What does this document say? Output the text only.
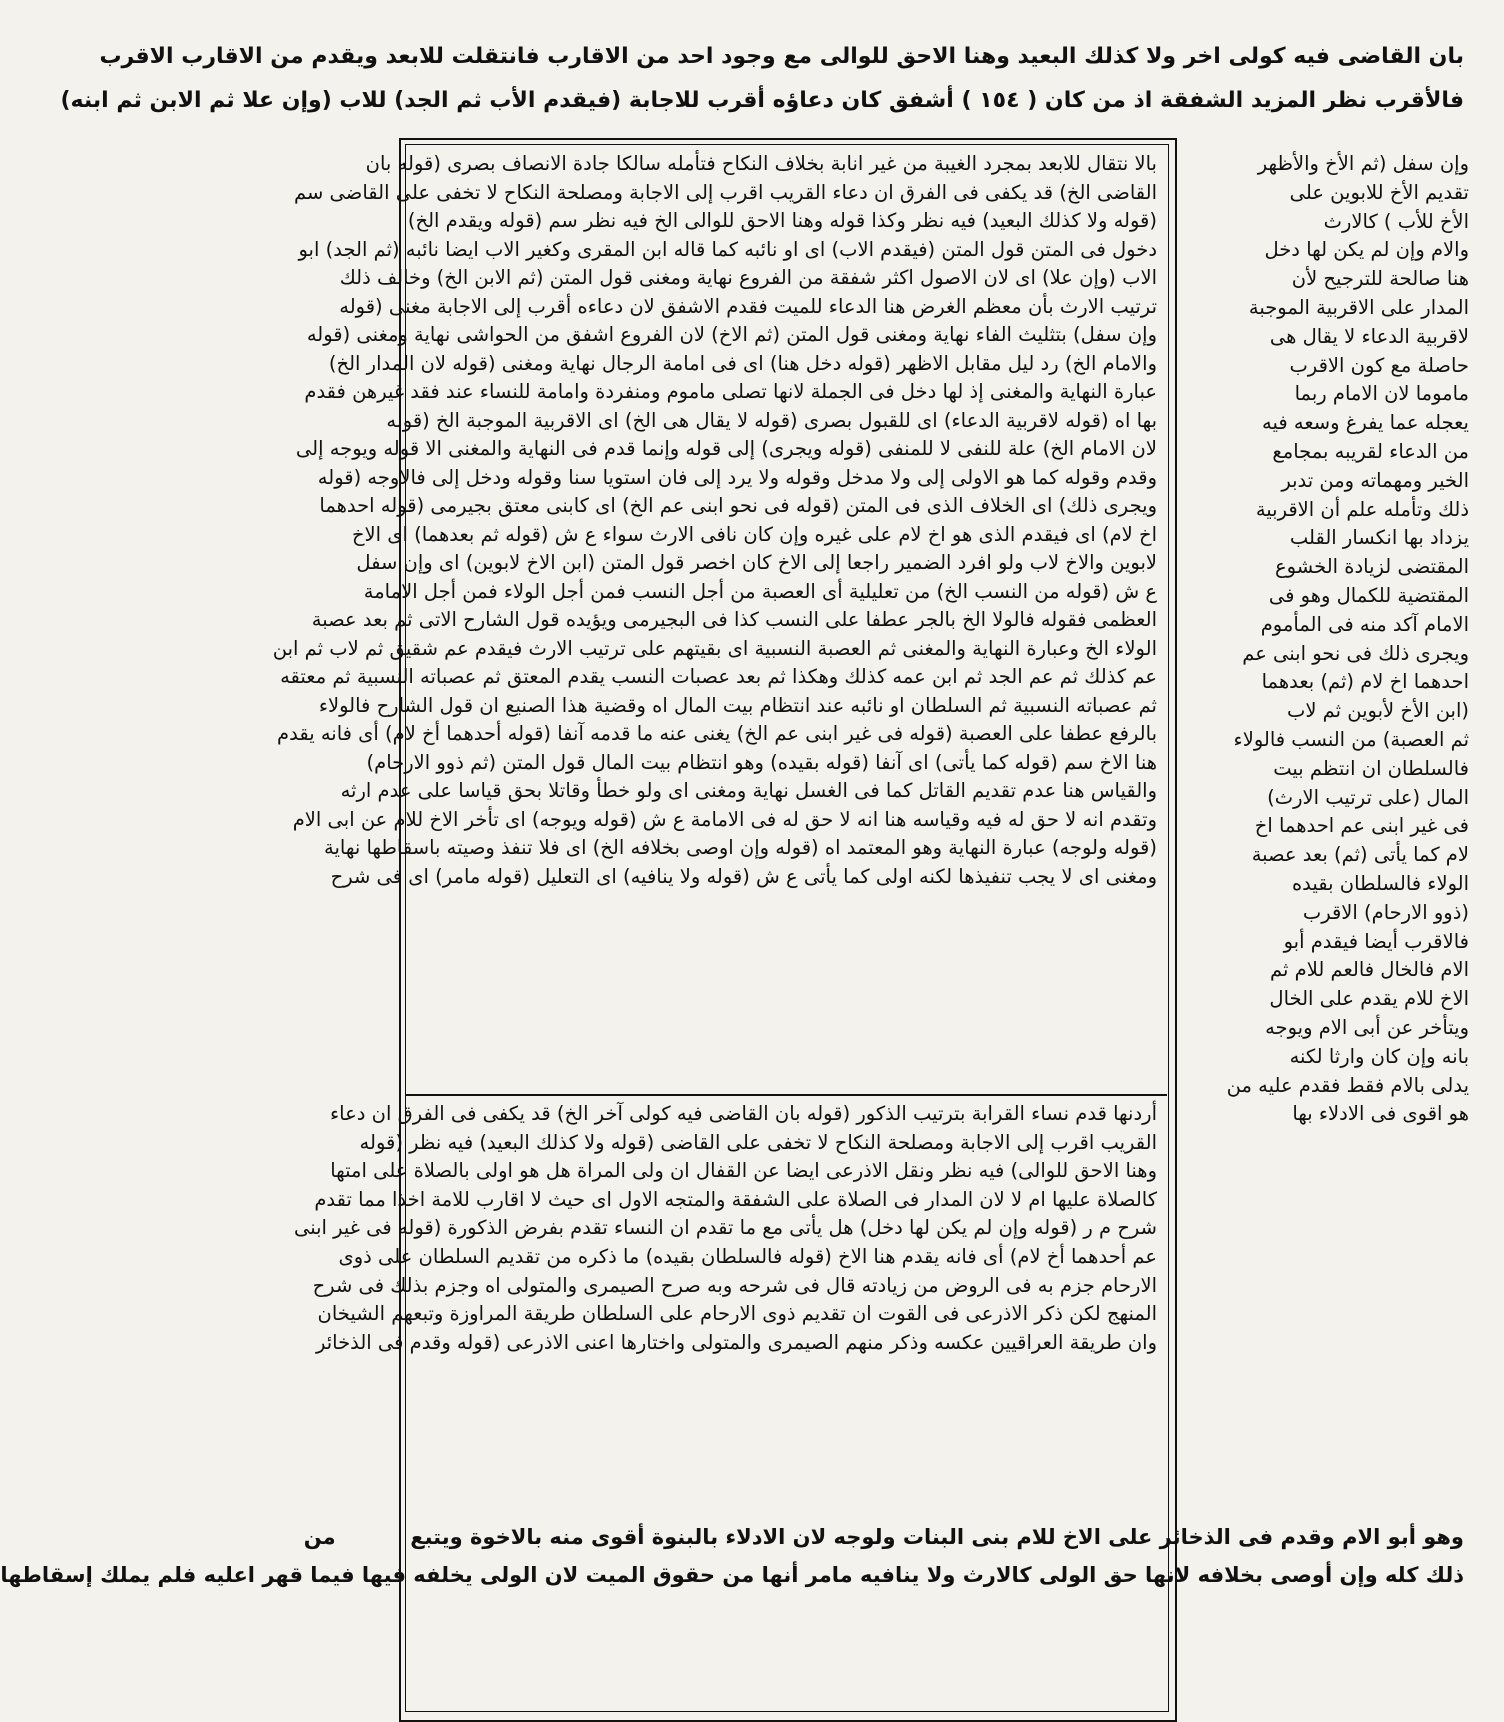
بان القاضى فيه كولى اخر ولا كذلك البعيد وهنا الاحق للوالى مع وجود احد من الاقارب فانتقلت للابعد ويقدم من الاقارب الاقرب
فالأقرب نظر المزيد الشفقة اذ من كان ( ١٥٤ ) أشفق كان دعاؤه أقرب للاجابة (فيقدم الأب ثم الجد) للاب (وإن علا ثم الابن ثم ابنه)
بالا نتقال للابعد بمجرد الغيبة من غير انابة بخلاف النكاح فتأمله سالكا جادة الانصاف بصرى (قوله بان
القاضى الخ) قد يكفى فى الفرق ان دعاء القريب اقرب إلى الاجابة ومصلحة النكاح لا تخفى على القاضى سم
(قوله ولا كذلك البعيد) فيه نظر وكذا قوله وهنا الاحق للوالى الخ فيه نظر سم (قوله ويقدم الخ)
دخول فى المتن قول المتن (فيقدم الاب) اى او نائبه كما قاله ابن المقرى وكغير الاب ايضا نائبه (ثم الجد) ابو
الاب (وإن علا) اى لان الاصول اكثر شفقة من الفروع نهاية ومغنى قول المتن (ثم الابن الخ) وخالف ذلك
ترتيب الارث بأن معظم الغرض هنا الدعاء للميت فقدم الاشفق لان دعاءه أقرب إلى الاجابة مغنى (قوله
وإن سفل) بتثليث الفاء نهاية ومغنى قول المتن (ثم الاخ) لان الفروع اشفق من الحواشى نهاية ومغنى (قوله
والامام الخ) رد ليل مقابل الاظهر (قوله دخل هنا) اى فى امامة الرجال نهاية ومغنى (قوله لان المدار الخ)
عبارة النهاية والمغنى إذ لها دخل فى الجملة لانها تصلى ماموم ومنفردة وامامة للنساء عند فقد غيرهن فقدم
بها اه (قوله لاقربية الدعاء) اى للقبول بصرى (قوله لا يقال هى الخ) اى الاقربية الموجبة الخ (قوله
لان الامام الخ) علة للنفى لا للمنفى (قوله ويجرى) إلى قوله وإنما قدم فى النهاية والمغنى الا قوله ويوجه إلى
وقدم وقوله كما هو الاولى إلى ولا مدخل وقوله ولا يرد إلى فان استويا سنا وقوله ودخل إلى فالاوجه (قوله
ويجرى ذلك) اى الخلاف الذى فى المتن (قوله فى نحو ابنى عم الخ) اى كابنى معتق بجيرمى (قوله احدهما
اخ لام) اى فيقدم الذى هو اخ لام على غيره وإن كان نافى الارث سواء ع ش (قوله ثم بعدهما) اى الاخ
لابوين والاخ لاب ولو افرد الضمير راجعا إلى الاخ كان اخصر قول المتن (ابن الاخ لابوين) اى وإن سفل
ع ش (قوله من النسب الخ) من تعليلية أى العصبة من أجل النسب فمن أجل الولاء فمن أجل الامامة
العظمى فقوله فالولا الخ بالجر عطفا على النسب كذا فى البجيرمى ويؤيده قول الشارح الاتى ثم بعد عصبة
الولاء الخ وعبارة النهاية والمغنى ثم العصبة النسبية اى بقيتهم على ترتيب الارث فيقدم عم شقيق ثم لاب ثم ابن
عم كذلك ثم عم الجد ثم ابن عمه كذلك وهكذا ثم بعد عصبات النسب يقدم المعتق ثم عصباته النسبية ثم معتقه
ثم عصباته النسبية ثم السلطان او نائبه عند انتظام بيت المال اه وقضية هذا الصنيع ان قول الشارح فالولاء
بالرفع عطفا على العصبة (قوله فى غير ابنى عم الخ) يغنى عنه ما قدمه آنفا (قوله أحدهما أخ لام) أى فانه يقدم
هنا الاخ سم (قوله كما يأتى) اى آنفا (قوله بقيده) وهو انتظام بيت المال قول المتن (ثم ذوو الارحام)
والقياس هنا عدم تقديم القاتل كما فى الغسل نهاية ومغنى اى ولو خطأ وقاتلا بحق قياسا على عدم ارثه
وتقدم انه لا حق له فيه وقياسه هنا انه لا حق له فى الامامة ع ش (قوله ويوجه) اى تأخر الاخ للام عن ابى الام
(قوله ولوجه) عبارة النهاية وهو المعتمد اه (قوله وإن اوصى بخلافه الخ) اى فلا تنفذ وصيته باسقاطها نهاية
ومغنى اى لا يجب تنفيذها لكنه اولى كما يأتى ع ش (قوله ولا ينافيه) اى التعليل (قوله مامر) اى فى شرح
أردنها قدم نساء القرابة بترتيب الذكور (قوله بان القاضى فيه كولى آخر الخ) قد يكفى فى الفرق ان دعاء
القريب اقرب إلى الاجابة ومصلحة النكاح لا تخفى على القاضى (قوله ولا كذلك البعيد) فيه نظر (قوله
وهنا الاحق للوالى) فيه نظر ونقل الاذرعى ايضا عن القفال ان ولى المراة هل هو اولى بالصلاة على امتها
كالصلاة عليها ام لا لان المدار فى الصلاة على الشفقة والمتجه الاول اى حيث لا اقارب للامة اخذا مما تقدم
شرح م ر (قوله وإن لم يكن لها دخل) هل يأتى مع ما تقدم ان النساء تقدم بفرض الذكورة (قوله فى غير ابنى
عم أحدهما أخ لام) أى فانه يقدم هنا الاخ (قوله فالسلطان بقيده) ما ذكره من تقديم السلطان على ذوى
الارحام جزم به فى الروض من زيادته قال فى شرحه وبه صرح الصيمرى والمتولى اه وجزم بذلك فى شرح
المنهج لكن ذكر الاذرعى فى القوت ان تقديم ذوى الارحام على السلطان طريقة المراوزة وتبعهم الشيخان
وان طريقة العراقيين عكسه وذكر منهم الصيمرى والمتولى واختارها اعنى الاذرعى (قوله وقدم فى الذخائر
وإن سفل (ثم الأخ والأظهر
تقديم الأخ للابوين على
الأخ للأب ) كالارث
والام وإن لم يكن لها دخل
هنا صالحة للترجيح لأن
المدار على الاقربية الموجبة
لاقربية الدعاء لا يقال هى
حاصلة مع كون الاقرب
ماموما لان الامام ربما
يعجله عما يفرغ وسعه فيه
من الدعاء لقريبه بمجامع
الخير ومهماته ومن تدبر
ذلك وتأمله علم أن الاقربية
يزداد بها انكسار القلب
المقتضى لزيادة الخشوع
المقتضية للكمال وهو فى
الامام آكد منه فى المأموم
ويجرى ذلك فى نحو ابنى عم
احدهما اخ لام (ثم) بعدهما
(ابن الأخ لأبوين ثم لاب
ثم العصبة) من النسب فالولاء
فالسلطان ان انتظم بيت
المال (على ترتيب الارث)
فى غير ابنى عم احدهما اخ
لام كما يأتى (ثم) بعد عصبة
الولاء فالسلطان بقيده
(ذوو الارحام) الاقرب
فالاقرب أيضا فيقدم أبو
الام فالخال فالعم للام ثم
الاخ للام يقدم على الخال
ويتأخر عن أبى الام ويوجه
بانه وإن كان وارثا لكنه
يدلى بالام فقط فقدم عليه من
هو اقوى فى الادلاء بها
وهو أبو الام وقدم فى الذخائر على الاخ للام بنى البنات ولوجه لان الادلاء بالبنوة أقوى منه بالاخوة ويتبع  من
ذلك كله وإن أوصى بخلافه لانها حق الولى كالارث ولا ينافيه مامر أنها من حقوق الميت لان الولى يخلفه فيها فيما قهر اعليه فلم يملك إسقاطها
